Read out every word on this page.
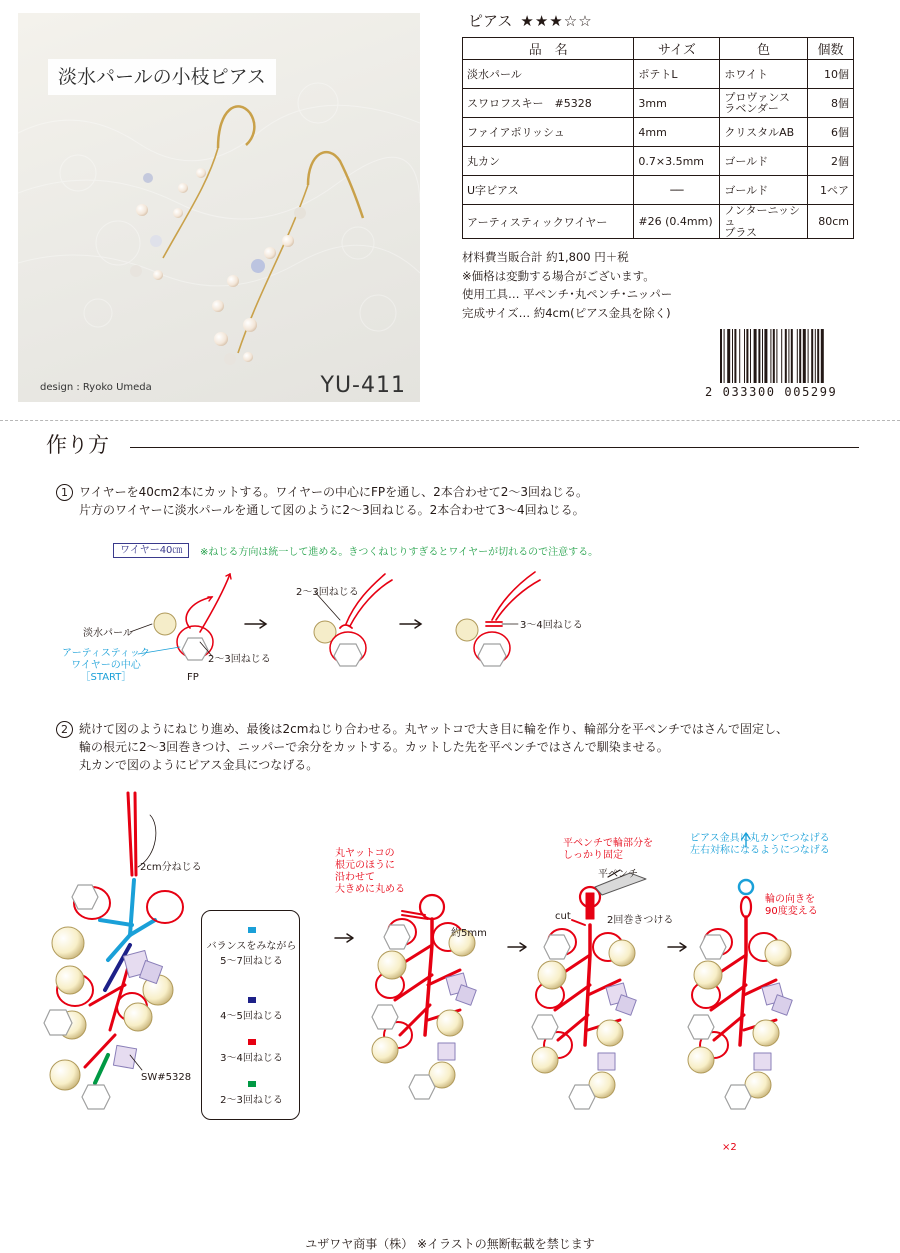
淡水パールの小枝ピアス
design : Ryoko Umeda	YU-411
ピアス ★★★☆☆
品　名	サイズ	色	個数
淡水パール	ポテトL	ホワイト	10個
スワロフスキー　#5328	3mm	プロヴァンス
ラベンダー	8個
ファイアポリッシュ	4mm	クリスタルAB	6個
丸カン	0.7×3.5mm	ゴールド	2個
U字ピアス	──	ゴールド	1ペア
アーティスティックワイヤー	#26 (0.4mm)	ノンターニッシュ
ブラス	80cm
材料費当販合計 約1,800 円＋税
※価格は変動する場合がございます。
使用工具… 平ペンチ･丸ペンチ･ニッパー
完成サイズ… 約4cm(ピアス金具を除く)
2 033300 005299
作り方
1 ワイヤーを40cm2本にカットする。ワイヤーの中心にFPを通し、2本合わせて2〜3回ねじる。
片方のワイヤーに淡水パールを通して図のように2〜3回ねじる。2本合わせて3〜4回ねじる。
ワイヤー40㎝	※ねじる方向は統一して進める。きつくねじりすぎるとワイヤーが切れるので注意する。
淡水パール
アーティスティック
ワイヤーの中心
［START］	FP
2〜3回ねじる
2〜3回ねじる
3〜4回ねじる
2 続けて図のようにねじり進め、最後は2cmねじり合わせる。丸ヤットコで大き目に輪を作り、輪部分を平ペンチではさんで固定し、
輪の根元に2〜3回巻きつけ、ニッパーで余分をカットする。カットした先を平ペンチではさんで馴染ませる。
丸カンで図のようにピアス金具につなげる。
2cm分ねじる
SW#5328
丸ヤットコの
根元のほうに
沿わせて
大きめに丸める
約5mm
平ペンチで輪部分を
しっかり固定
平ペンチ
cut	2回巻きつける
ピアス金具に丸カンでつなげる
左右対称になるようにつなげる
輪の向きを
90度変える
×2
バランスをみながら
5〜7回ねじる
4〜5回ねじる
3〜4回ねじる
2〜3回ねじる
ユザワヤ商事（株） ※イラストの無断転載を禁じます
